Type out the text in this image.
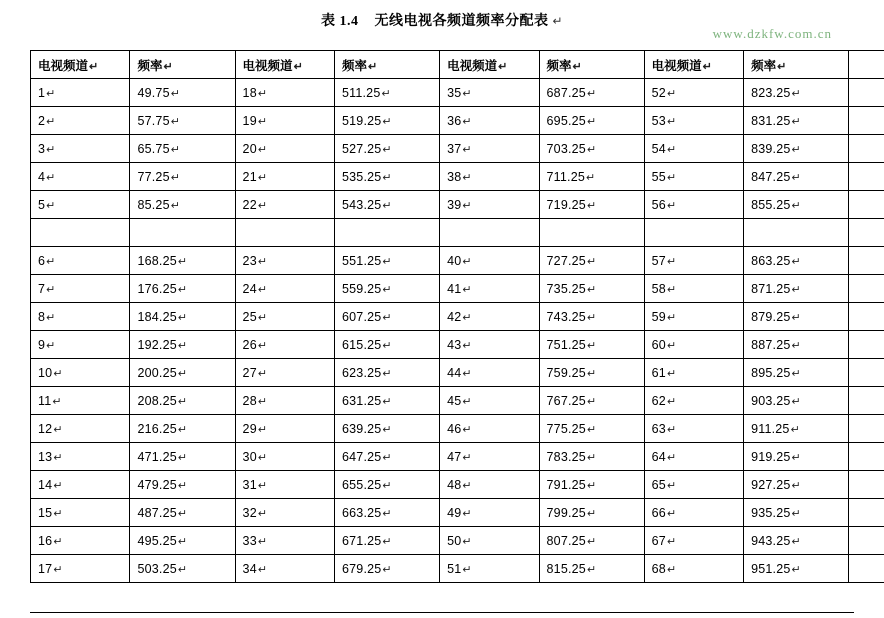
表 1.4 无线电视各频道频率分配表 ↵
www.dzkfw.com.cn
电视频道↵	频率↵	电视频道↵	频率↵	电视频道↵	频率↵	电视频道↵	频率↵	
1↵	49.75↵	18↵	511.25↵	35↵	687.25↵	52↵	823.25↵	
2↵	57.75↵	19↵	519.25↵	36↵	695.25↵	53↵	831.25↵	
3↵	65.75↵	20↵	527.25↵	37↵	703.25↵	54↵	839.25↵	
4↵	77.25↵	21↵	535.25↵	38↵	711.25↵	55↵	847.25↵	
5↵	85.25↵	22↵	543.25↵	39↵	719.25↵	56↵	855.25↵	

6↵	168.25↵	23↵	551.25↵	40↵	727.25↵	57↵	863.25↵	
7↵	176.25↵	24↵	559.25↵	41↵	735.25↵	58↵	871.25↵	
8↵	184.25↵	25↵	607.25↵	42↵	743.25↵	59↵	879.25↵	
9↵	192.25↵	26↵	615.25↵	43↵	751.25↵	60↵	887.25↵	
10↵	200.25↵	27↵	623.25↵	44↵	759.25↵	61↵	895.25↵	
11↵	208.25↵	28↵	631.25↵	45↵	767.25↵	62↵	903.25↵	
12↵	216.25↵	29↵	639.25↵	46↵	775.25↵	63↵	911.25↵	
13↵	471.25↵	30↵	647.25↵	47↵	783.25↵	64↵	919.25↵	
14↵	479.25↵	31↵	655.25↵	48↵	791.25↵	65↵	927.25↵	
15↵	487.25↵	32↵	663.25↵	49↵	799.25↵	66↵	935.25↵	
16↵	495.25↵	33↵	671.25↵	50↵	807.25↵	67↵	943.25↵	
17↵	503.25↵	34↵	679.25↵	51↵	815.25↵	68↵	951.25↵	
